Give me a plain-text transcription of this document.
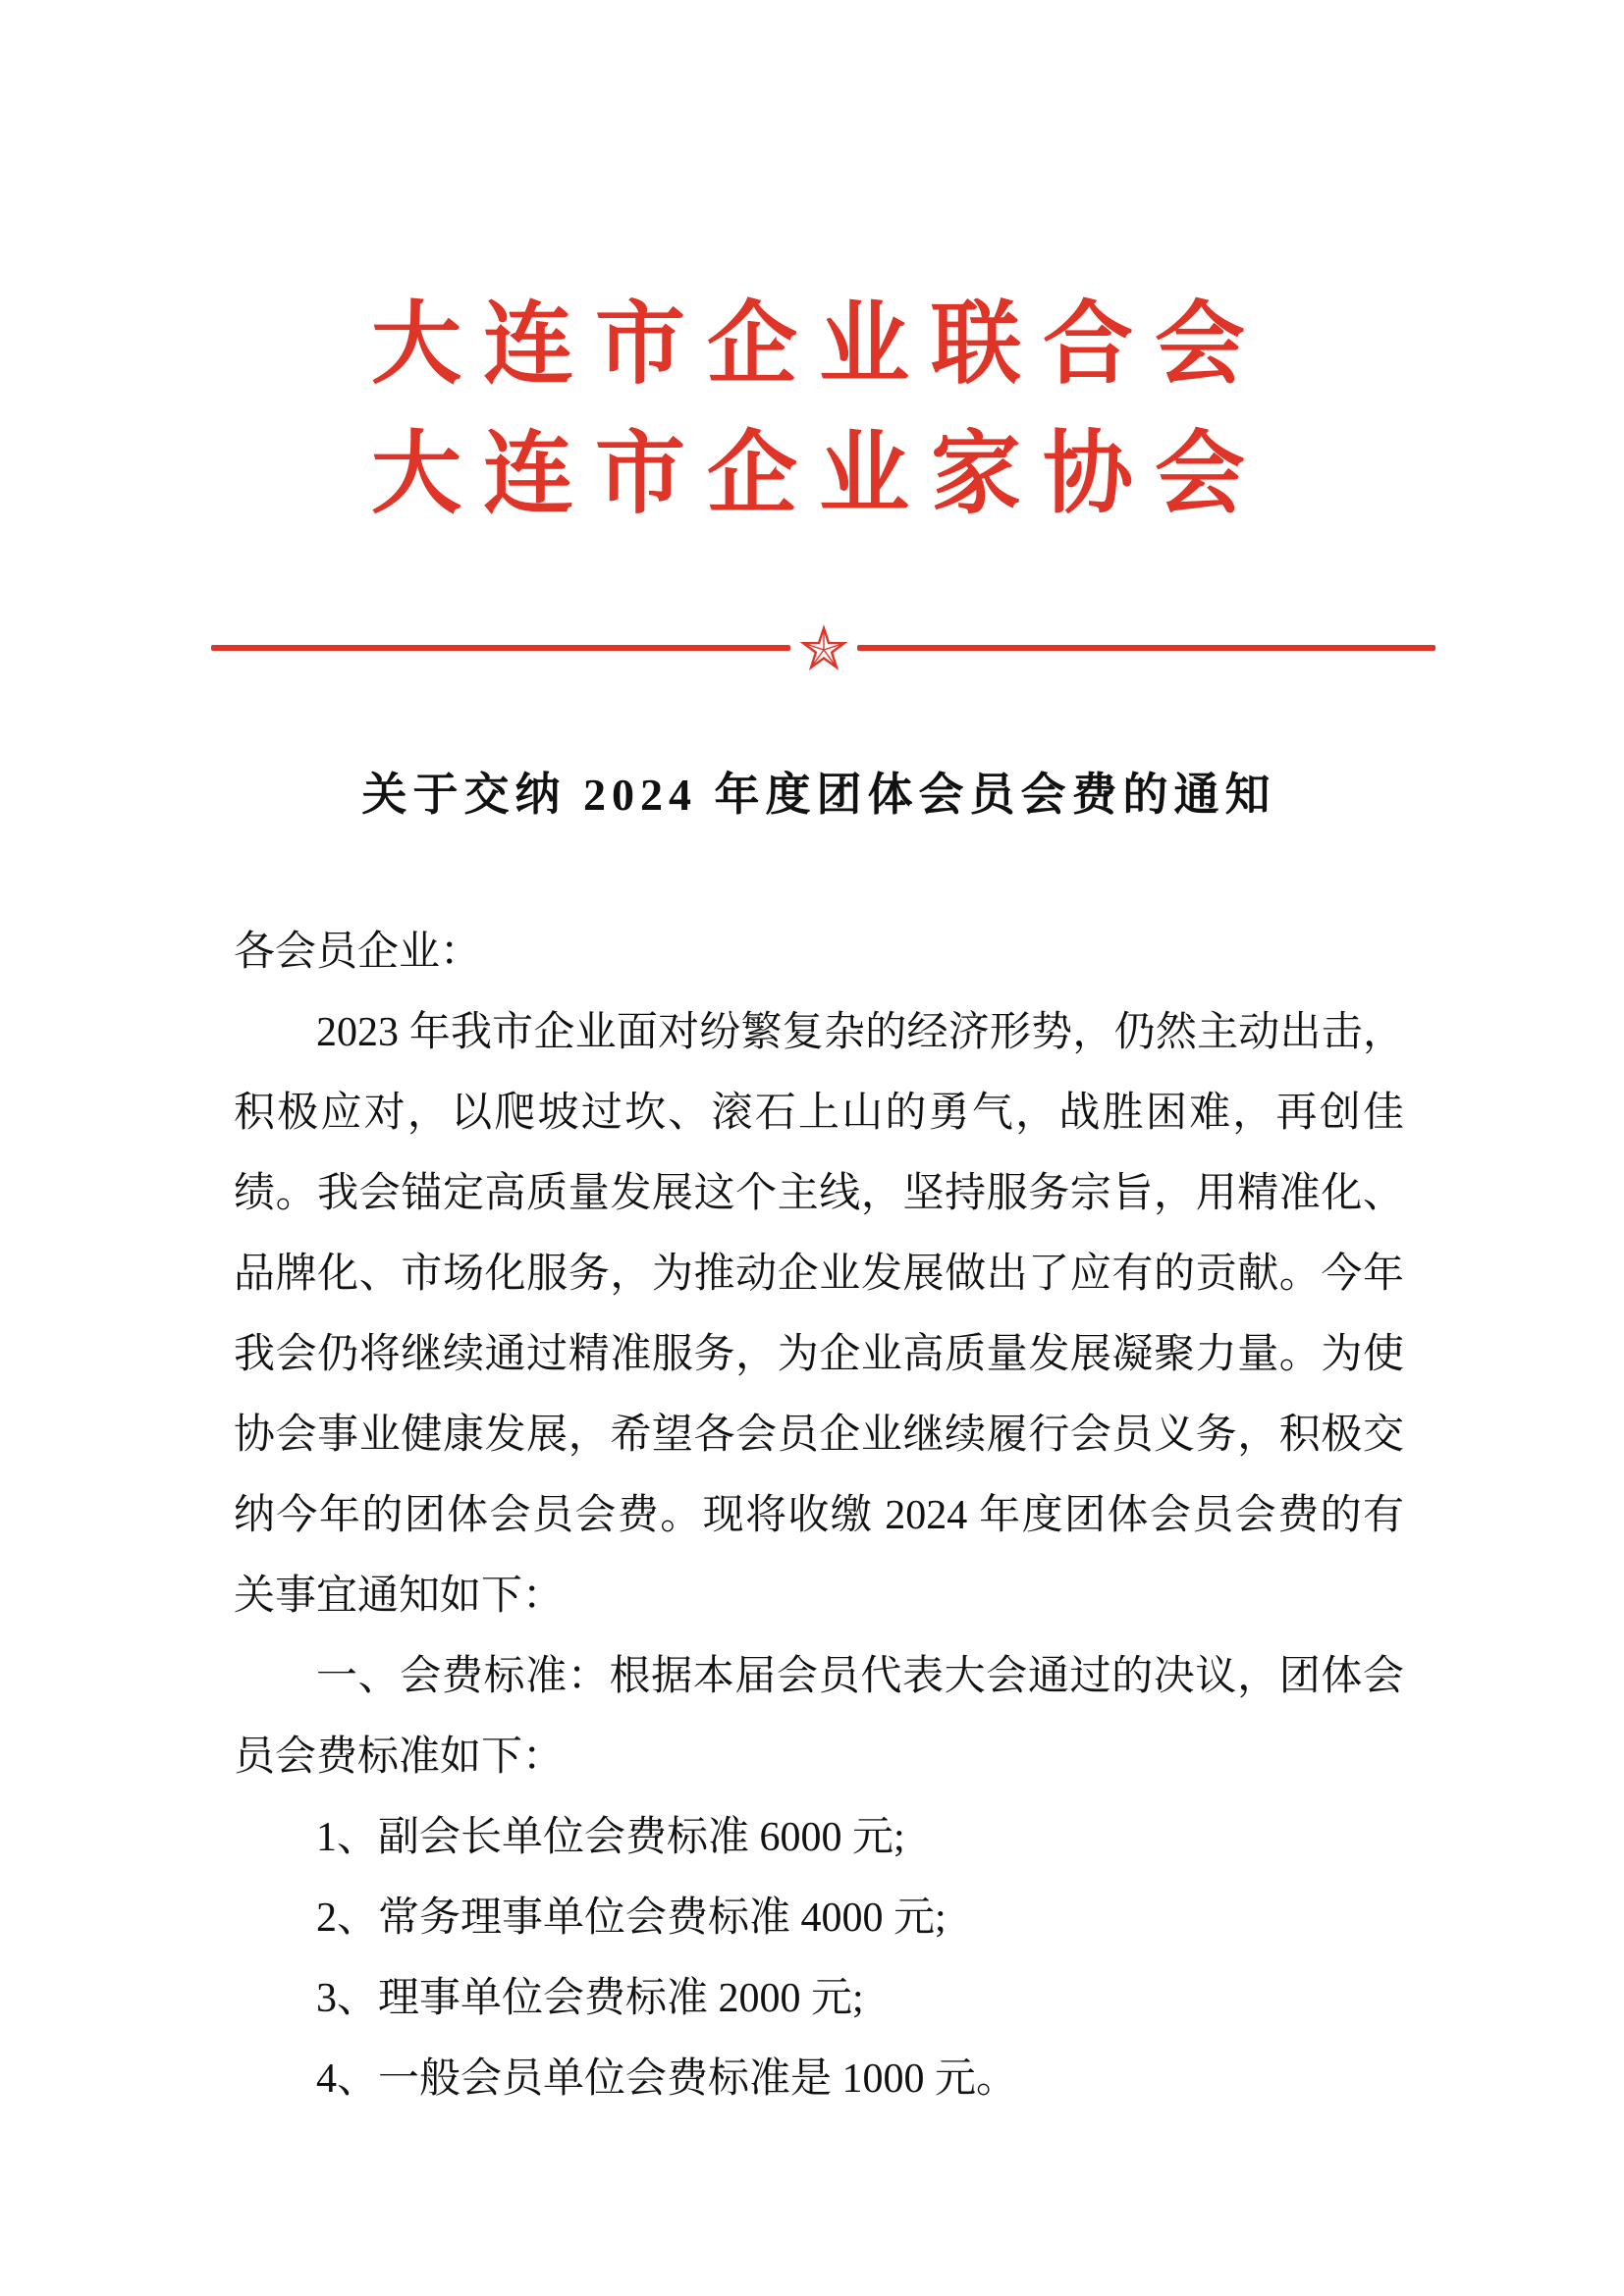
大连市企业联合会
大连市企业家协会
关于交纳 2024 年度团体会员会费的通知

各会员企业：

2023 年我市企业面对纷繁复杂的经济形势，仍然主动出击，积极应对，以爬坡过坎、滚石上山的勇气，战胜困难，再创佳绩。我会锚定高质量发展这个主线，坚持服务宗旨，用精准化、品牌化、市场化服务，为推动企业发展做出了应有的贡献。今年我会仍将继续通过精准服务，为企业高质量发展凝聚力量。为使协会事业健康发展，希望各会员企业继续履行会员义务，积极交纳今年的团体会员会费。现将收缴 2024 年度团体会员会费的有关事宜通知如下：

一、会费标准：根据本届会员代表大会通过的决议，团体会员会费标准如下：

1、副会长单位会费标准 6000 元;

2、常务理事单位会费标准 4000 元;

3、理事单位会费标准 2000 元;

4、一般会员单位会费标准是 1000 元。
